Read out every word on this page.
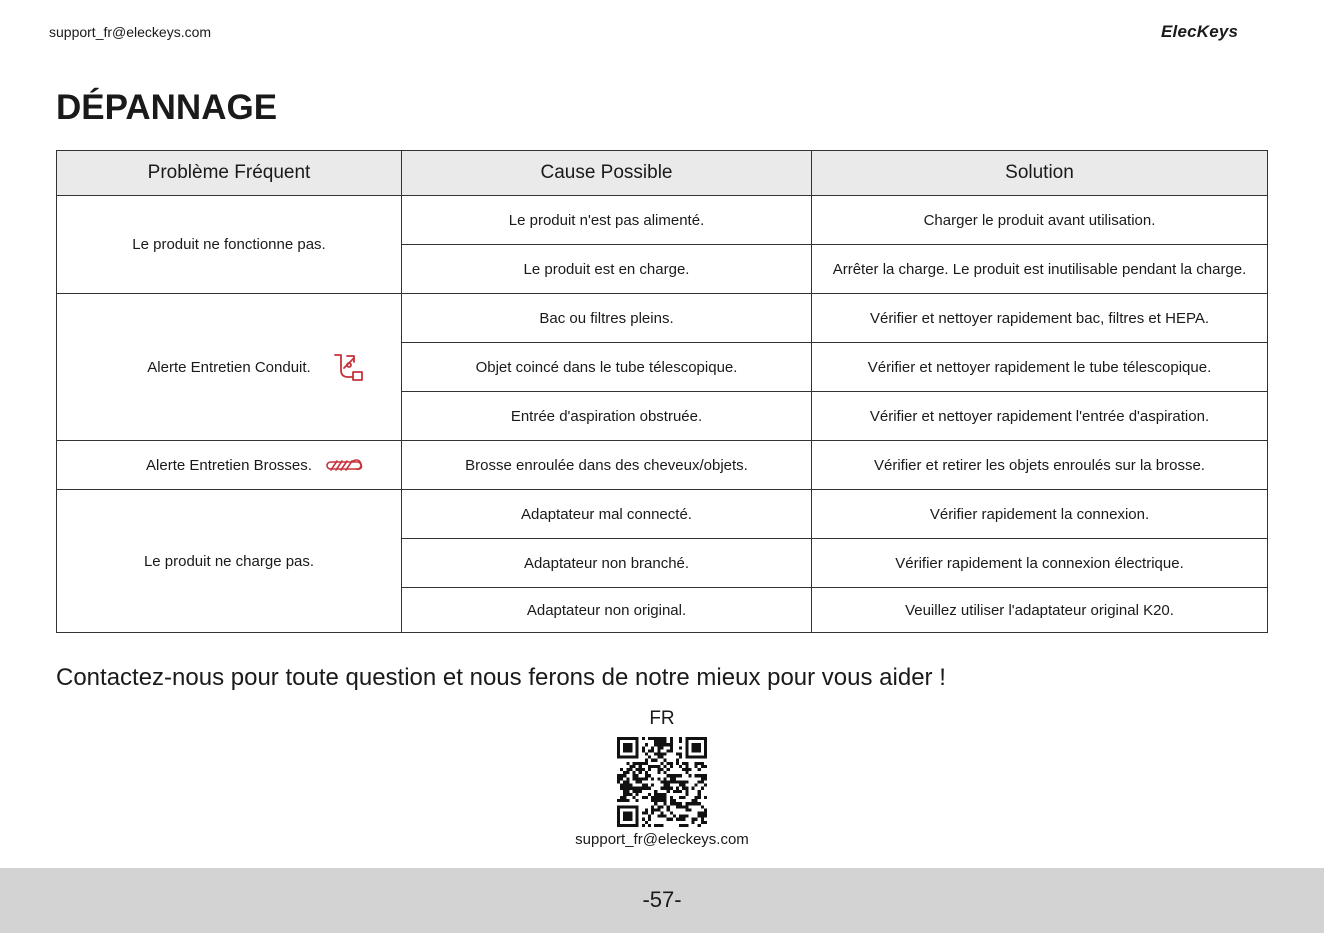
support_fr@eleckeys.com	ElecKeys
DÉPANNAGE
Problème Fréquent	Cause Possible	Solution
Le produit ne fonctionne pas.	Le produit n'est pas alimenté.	Charger le produit avant utilisation.
	Le produit est en charge.	Arrêter la charge. Le produit est inutilisable pendant la charge.
Alerte Entretien Conduit.	Bac ou filtres pleins.	Vérifier et nettoyer rapidement bac, filtres et HEPA.
	Objet coincé dans le tube télescopique.	Vérifier et nettoyer rapidement le tube télescopique.
	Entrée d'aspiration obstruée.	Vérifier et nettoyer rapidement l'entrée d'aspiration.
Alerte Entretien Brosses.	Brosse enroulée dans des cheveux/objets.	Vérifier et retirer les objets enroulés sur la brosse.
Le produit ne charge pas.	Adaptateur mal connecté.	Vérifier rapidement la connexion.
	Adaptateur non branché.	Vérifier rapidement la connexion électrique.
	Adaptateur non original.	Veuillez utiliser l'adaptateur original K20.
Contactez-nous pour toute question et nous ferons de notre mieux pour vous aider !
FR
support_fr@eleckeys.com
-57-
